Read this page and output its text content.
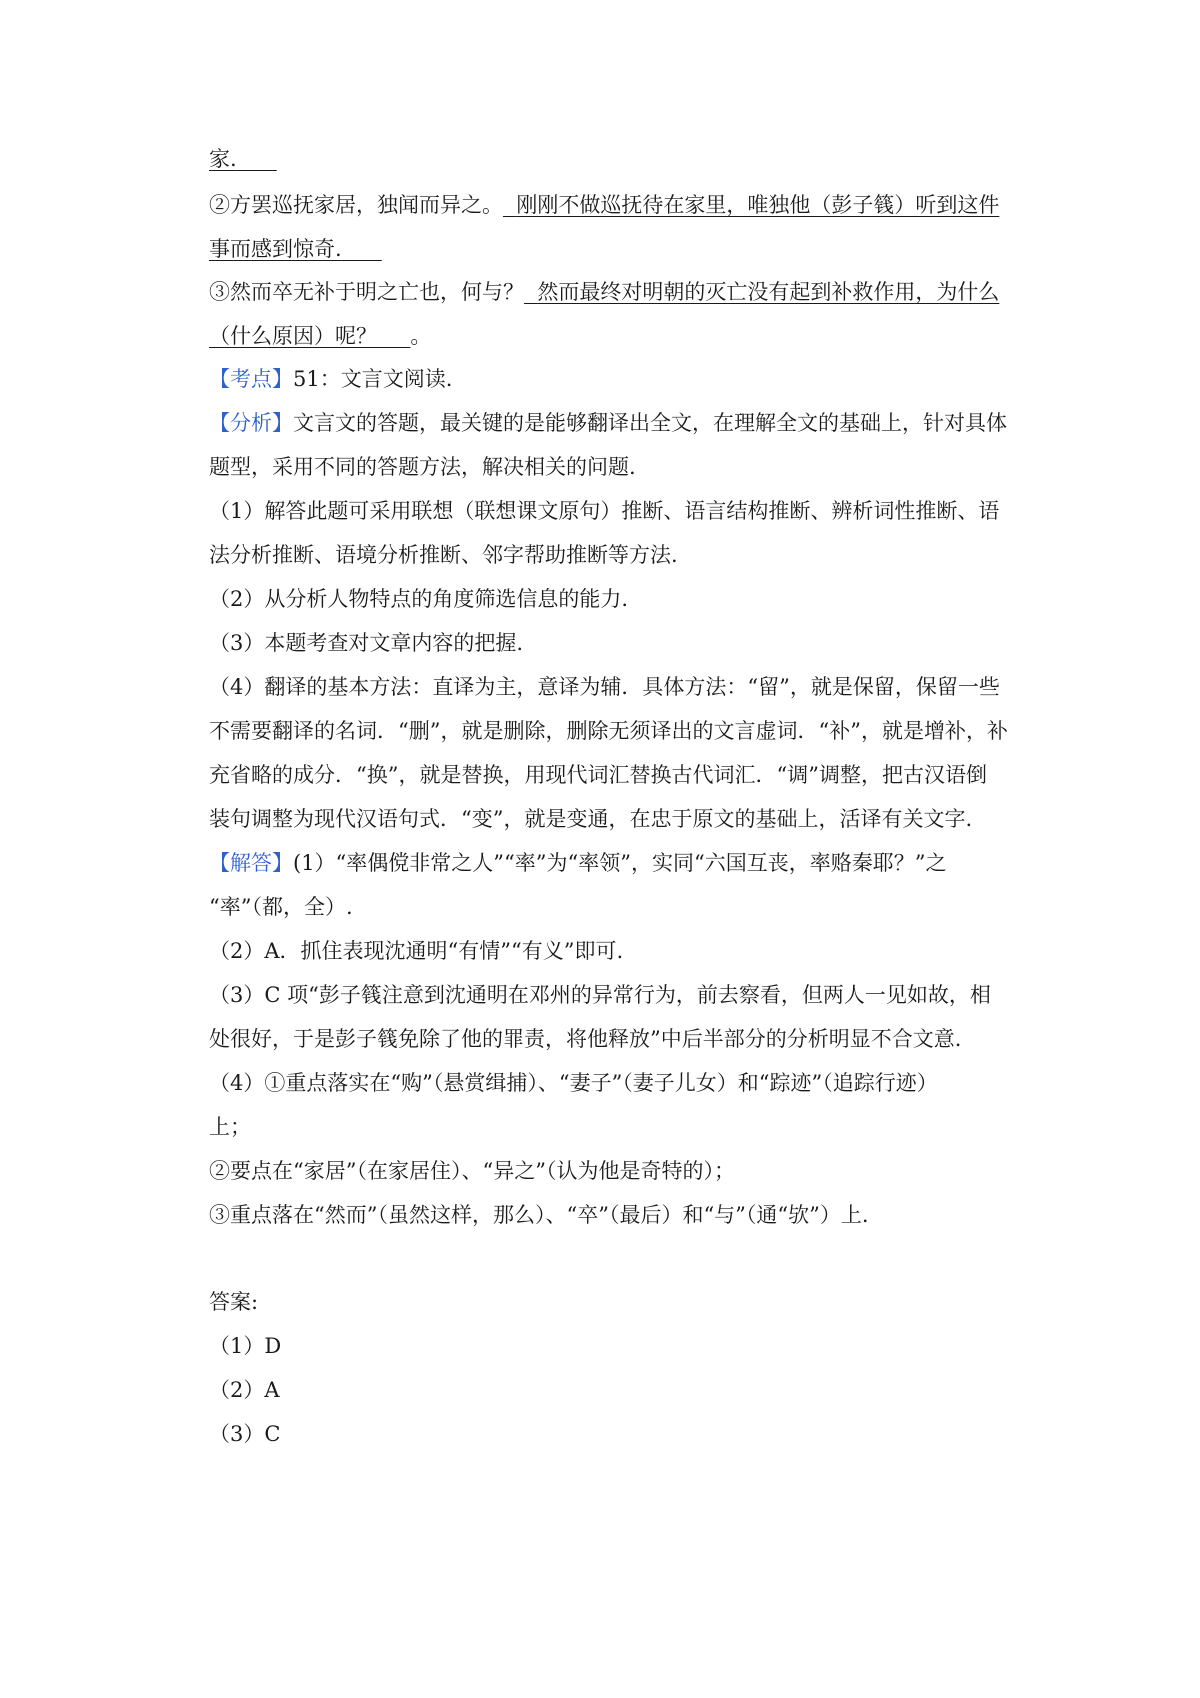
家.
②方罢巡抚家居，独闻而异之。 刚刚不做巡抚待在家里，唯独他（彭子篯）听到这件
事而感到惊奇.
③然而卒无补于明之亡也，何与？ 然而最终对明朝的灭亡没有起到补救作用，为什么
（什么原因）呢？ 。
【考点】51：文言文阅读.
【分析】文言文的答题，最关键的是能够翻译出全文，在理解全文的基础上，针对具体
题型，采用不同的答题方法，解决相关的问题.
（1）解答此题可采用联想（联想课文原句）推断、语言结构推断、辨析词性推断、语
法分析推断、语境分析推断、邻字帮助推断等方法.
（2）从分析人物特点的角度筛选信息的能力.
（3）本题考查对文章内容的把握.
（4）翻译的基本方法：直译为主，意译为辅．具体方法：“留”，就是保留，保留一些
不需要翻译的名词．“删”，就是删除，删除无须译出的文言虚词．“补”，就是增补，补
充省略的成分．“换”，就是替换，用现代词汇替换古代词汇．“调”调整，把古汉语倒
装句调整为现代汉语句式．“变”，就是变通，在忠于原文的基础上，活译有关文字.
【解答】(1）“率偶傥非常之人”“率”为“率领”，实同“六国互丧，率赂秦耶？”之
“率”（都，全）.
（2）A．抓住表现沈通明“有情”“有义”即可.
（3）C 项“彭子篯注意到沈通明在邓州的异常行为，前去察看，但两人一见如故，相
处很好，于是彭子篯免除了他的罪责，将他释放”中后半部分的分析明显不合文意.
（4）①重点落实在“购”（悬赏缉捕）、“妻子”（妻子儿女）和“踪迹”（追踪行迹）
上；
②要点在“家居”（在家居住）、“异之”（认为他是奇特的）；
③重点落在“然而”（虽然这样，那么）、“卒”（最后）和“与”（通“欤”）上.
答案:
（1）D
（2）A
（3）C
